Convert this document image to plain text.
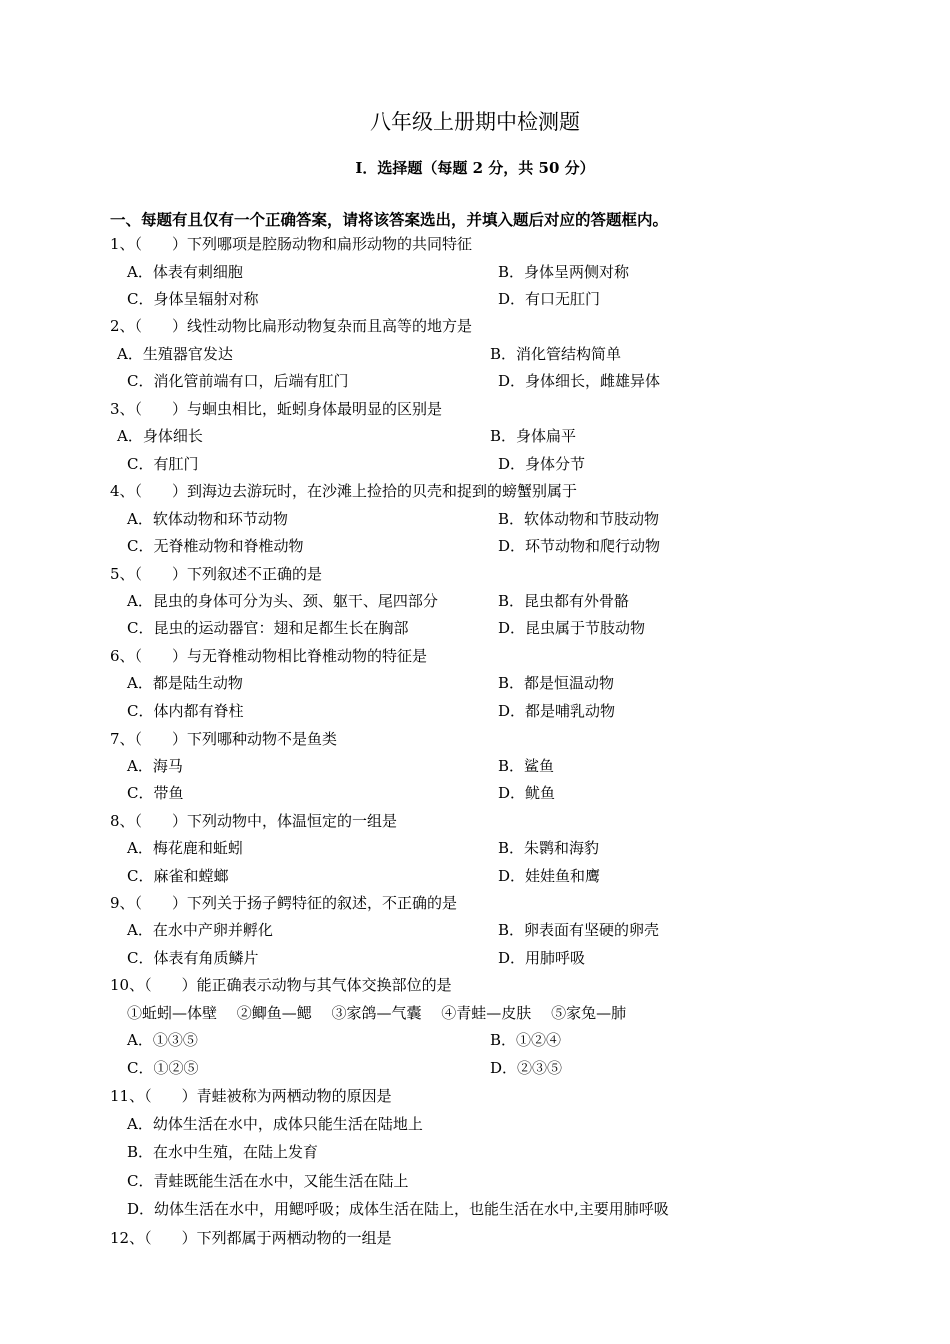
八年级上册期中检测题
Ⅰ．选择题（每题 2 分，共 50 分）
一、每题有且仅有一个正确答案，请将该答案选出，并填入题后对应的答题框内。
1、（　　）下列哪项是腔肠动物和扁形动物的共同特征
A．体表有刺细胞	B．身体呈两侧对称
C．身体呈辐射对称	D．有口无肛门
2、（　　）线性动物比扁形动物复杂而且高等的地方是
A．生殖器官发达	B．消化管结构简单
C．消化管前端有口，后端有肛门	D．身体细长，雌雄异体
3、（　　）与蛔虫相比，蚯蚓身体最明显的区别是
A．身体细长	B．身体扁平
C．有肛门	D．身体分节
4、（　　）到海边去游玩时，在沙滩上捡拾的贝壳和捉到的螃蟹别属于
A．软体动物和环节动物	B．软体动物和节肢动物
C．无脊椎动物和脊椎动物	D．环节动物和爬行动物
5、（　　）下列叙述不正确的是
A．昆虫的身体可分为头、颈、躯干、尾四部分	B．昆虫都有外骨骼
C．昆虫的运动器官：翅和足都生长在胸部	D．昆虫属于节肢动物
6、（　　）与无脊椎动物相比脊椎动物的特征是
A．都是陆生动物	B．都是恒温动物
C．体内都有脊柱	D．都是哺乳动物
7、（　　）下列哪种动物不是鱼类
A．海马	B．鲨鱼
C．带鱼	D．鱿鱼
8、（　　）下列动物中，体温恒定的一组是
A．梅花鹿和蚯蚓	B．朱鹮和海豹
C．麻雀和螳螂	D．娃娃鱼和鹰
9、（　　）下列关于扬子鳄特征的叙述，不正确的是
A．在水中产卵并孵化	B．卵表面有坚硬的卵壳
C．体表有角质鳞片	D．用肺呼吸
10、（　　）能正确表示动物与其气体交换部位的是
①蚯蚓—体壁　 ②鲫鱼—鳃　 ③家鸽—气囊　 ④青蛙—皮肤　 ⑤家兔—肺
A．①③⑤	B．①②④
C．①②⑤	D．②③⑤
11、（　　）青蛙被称为两栖动物的原因是
A．幼体生活在水中，成体只能生活在陆地上
B．在水中生殖，在陆上发育
C．青蛙既能生活在水中，又能生活在陆上
D．幼体生活在水中，用鳃呼吸；成体生活在陆上，也能生活在水中,主要用肺呼吸
12、（　　）下列都属于两栖动物的一组是
